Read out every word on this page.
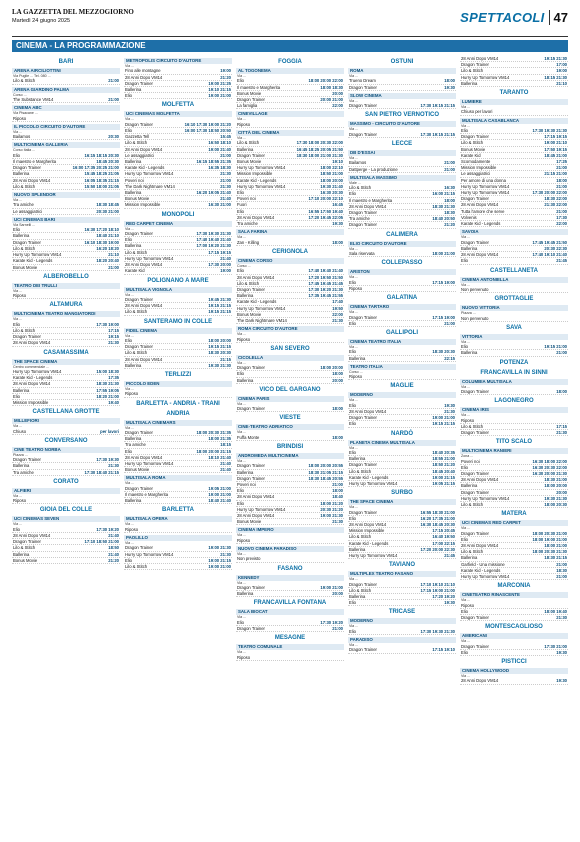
LA GAZZETTA DEL MEZZOGIORNO
Martedì 24 giugno 2025	SPETTACOLI 47
CINEMA - LA PROGRAMMAZIONE
BARI
ARENA AIRCILIOTTINI
Via Puglie ... Tel. 080 ...
Lilo & Stitch	21:00
ARENA GIARDINO PALMA
Corso ...
The Substance VM14	21:00
CINEMA ABC
Via Pisacane ...
Riposo
IL PICCOLO CIRCUITO D'AUTORE
Via ...
Bailamos	20:30
MULTICINEMA GALLERIA
Corso Italia ...
Elio	16:15 18:15 20:30
Il maestro e Margherita	18:45 20:30
Dragon Trainer	16:00 17:35 20:25 21:00
Ballerina	15:45 18:25 21:05
28 Anni Dopo VM14	16:05 18:35 21:15
Lilo & Stitch	15:50 18:00 21:05
NUOVO SPLENDOR
Via ...
Tra amiche	18:30 18:45
Le assaggiatrici	20:30 21:00
UCI CINEMAS BARI
Via Sarnelli ...
Elio	16:30 17:20 18:10
Ballerina	18:40 21:10
Dragon Trainer	16:10 18:30 19:00
Lilo & Stitch	16:20 18:20
Hurry Up Tomorrow VM14	21:10
Karate Kid - Legends	18:20 20:40
Bonus Movie	21:00
ALBEROBELLO
TEATRO DEI TRULLI
Via ...
Riposo
ALTAMURA
MULTICINEMA TEATRO MANGIATORDI
Via ...
Elio	17:30 19:00
Lilo & Stitch	17:15
Dragon Trainer	19:15
28 Anni Dopo VM14	21:30
CASAMASSIMA
THE SPACE CINEMA
Centro commerciale ...
Hurry Up Tomorrow VM14	15:00 18:30
Karate Kid - Legends	17:35
28 Anni Dopo VM14	18:30 21:30
Ballerina	17:55 19:05
Elio	18:20 21:00
Mission Impossible	19:40
CASTELLANA GROTTE
MILLEFIORI
Via ...
Chiuso	per lavori
CONVERSANO
CINE TEATRO NORBA
Piazza ...
Dragon Trainer	17:30 19:30
Ballerina	21:30
Tra amiche	17:30 18:40 21:15
CORATO
ALFIERI
Via ...
Riposo
GIOIA DEL COLLE
UCI CINEMAS SEVEN
Via ...
Elio	17:30 19:20
28 Anni Dopo VM14	21:40
Dragon Trainer	17:10 18:50 21:00
Lilo & Stitch	18:50
Ballerina	21:40
Bonus Movie	21:20
METROPOLIS CIRCUITO D'AUTORE
Via ...
Fino alle montagne	19:00
28 Anni Dopo VM14	21:20
Dragon Trainer	19:00 21:25
Ballerina	19:10 21:15
Elio	19:00 21:00
MOLFETTA
UCI CINEMAS MOLFETTA
Via ...
Dragon Trainer	16:10 17:30 19:00 21:20
Elio	16:00 17:30 18:50 20:50
Gazzetta Tell	15:45
Lilo & Stitch	16:50 18:10
28 Anni Dopo VM14	19:00 21:40
Le assaggiatrici	21:00
Ballerina	16:15 18:55 21:35
Karate Kid - Legends	16:35 18:30
Hurry Up Tomorrow VM14	21:30
Poveri noi	21:00
The Dark Nightmare VM14	21:30
Ballerina	16:20 19:05 21:40
Bonus Movie	21:40
Mission Impossible	16:30 21:00
MONOPOLI
RED CARPET CINEMA
Via ...
Dragon Trainer	17:30 19:30 21:30
Elio	17:40 19:40 21:40
Ballerina	17:00 19:20 21:30
Lilo & Stitch	17:15 19:15
Hurry Up Tomorrow VM14	21:40
28 Anni Dopo VM14	17:30 20:00
Karate Kid	19:00
POLIGNANO A MARE
MULTISALA VIGNOLA
Via ...
Dragon Trainer	19:45 21:30
28 Anni Dopo VM14	19:15 21:15
Lilo & Stitch	19:15 21:15
SANTERAMO IN COLLE
FIDEL CINEMA
Via ...
Elio	18:00 20:00
Dragon Trainer	19:15 21:15
Lilo & Stitch	18:30 20:30
28 Anni Dopo VM14	21:15
Ballerina	19:30 21:30
TERLIZZI
PICCOLO EDEN
Via ...
Riposo
BARLETTA - ANDRIA - TRANI
ANDRIA
MULTISALA CINEMARS
Via ...
Dragon Trainer	18:00 20:30 21:35
Ballerina	18:00 21:35
Tra amiche	18:15
Elio	18:00 20:00 21:15
28 Anni Dopo VM14	18:10 21:40
Hurry Up Tomorrow VM14	21:40
Bonus Movie	21:40
MULTISALA ROMA
Via ...
Dragon Trainer	19:05 21:00
Il maestro e Margherita	19:00 21:00
Ballerina	18:40 21:40
BARLETTA
MULTISALA OPERA
Via ...
Riposo
PAOLILLO
Via ...
Dragon Trainer	19:00 21:30
Hurry Up Tomorrow VM14	21:30
Elio	19:00 21:15
Lilo & Stitch	19:00 21:00
FOGGIA
AL TOGONEMA
Via ...
Elio	18:00 20:00 22:00
Il maestro e Margherita	18:00 18:30
Bonus Movie	20:00
Dragon Trainer	20:00 21:00
La famiglia	22:00
CINEVILLAGE
Via ...
Riposo
CITTÀ DEL CINEMA
Via ...
Lilo & Stitch	17:30 18:00 20:30 22:00
Ballerina	16:45 18:25 20:05 21:50
Dragon Trainer	18:30 18:00 21:00 21:30
Bonus Movie	19:10
Hurry Up Tomorrow VM14	18:00 22:10
Mission Impossible	18:50 21:00
Karate Kid - Legends	18:00 20:00
Hurry Up Tomorrow VM14	19:30 21:40
Elio	16:30 20:30
Poveri noi	17:10 20:00 22:10
Fuori	16:45
Elio	16:55 17:50 19:40
28 Anni Dopo VM14	17:20 19:45 22:05
Tra amiche	19:30
SALA FARINA
Via ...
Zan - Killing	18:00
CERIGNOLA
CINEMA CORSO
Corso ...
Elio	17:40 19:40 21:40
28 Anni Dopo VM14	17:20 19:50 21:50
Lilo & Stitch	17:45 19:45 21:45
Dragon Trainer	17:30 19:20 21:30
Ballerina	17:35 19:45 21:55
Karate Kid - Legends	17:40
Hurry Up Tomorrow VM14	19:50
Bonus Movie	22:00
The Dark Nightmare VM14	21:30
ROMA CIRCUITO D'AUTORE
Via ...
Riposo
SAN SEVERO
CICOLELLA
Via ...
Dragon Trainer	18:00 20:00
Elio	18:00
Ballerina	20:00
VICO DEL GARGANO
CINEMA PARIS
Via ...
Dragon Trainer	18:00
VIESTE
CINE-TEATRO ADRIATICO
Via ...
Fuffa Monte	18:00
BRINDISI
ANDROMEDA MULTICINEMA
Via ...
Dragon Trainer	18:00 20:00 20:55
Ballerina	18:30 21:05 21:15
Dragon Trainer	18:30 18:45 20:55
Poveri noi	21:00
Elio	18:00
28 Anni Dopo VM14	18:40
Elio	18:00 21:20
Hurry Up Tomorrow VM14	20:30 21:20
28 Anni Dopo VM14	19:00 21:30
Bonus Movie	21:30
CINEMA IMPERO
Via ...
Riposo
NUOVO CINEMA PARADISO
Via ...
Non previsto
FASANO
KENNEDY
Via ...
Dragon Trainer	19:00 21:00
Ballerina	20:00
FRANCAVILLA FONTANA
SALA BIOCAT
Via ...
Elio	17:30 19:20
Dragon Trainer	21:00
MESAGNE
TEATRO COMUNALE
Via ...
Riposo
OSTUNI
ROMA
Via ...
Trueno Dream	18:00
Dragon Trainer	19:30
SLOW CINEMA
Via ...
Dragon Trainer	17:30 19:15 21:15
SAN PIETRO VERNOTICO
MASSIMO - CIRCUITO D'AUTORE
Via ...
Dragon Trainer	17:30 19:15 21:15
LECCE
DB D'ESSAI
Via ...
Bailamos	21:00
Dattperge - La produzione	21:00
MULTISALA MASSIMO
Viale ...
Lilo & Stitch	16:30
Elio	16:00 21:15
Il maestro e Margherita	18:00
28 Anni Dopo VM14	18:30 21:30
Dragon Trainer	18:30
Tra amiche	18:40 20:50
Dragon Trainer	21:20
CALIMERA
ELIO CIRCUITO D'AUTORE
Via ...
Sala riservata	18:00 21:00
COLLEPASSO
ARISTON
Via ...
Elio	17:15 19:00
Riposo
GALATINA
CINEMA TARTARO
Via ...
Dragon Trainer	17:15 19:00
Elio	21:00
GALLIPOLI
CINEMA TEATRO ITALIA
Via ...
Elio	18:30 20:30
Ballerina	22:15
TEATRO ITALIA
Corso ...
Riposo
MAGLIE
MODERNO
Via ...
Elio	19:30
28 Anni Dopo VM14	21:30
Dragon Trainer	19:00 21:00
Elio	19:15 21:15
NARDÒ
PLANETA CINEMA MULTISALA
Via ...
Elio	18:40 20:35
Ballerina	18:55 21:00
Dragon Trainer	18:50 21:20
Lilo & Stitch	18:45 20:40
Karate Kid - Legends	19:00 21:15
Hurry Up Tomorrow VM14	19:05 21:15
SURBO
THE SPACE CINEMA
Via ...
Dragon Trainer	16:55 18:30 21:00
Elio	16:20 17:35 21:00
28 Anni Dopo VM14	16:30 18:45 20:30
Mission Impossible	17:15 20:45
Lilo & Stitch	16:40 19:50
Karate Kid - Legends	17:00 22:15
Ballerina	17:20 20:00 22:30
Hurry Up Tomorrow VM14	21:45
TAVIANO
MULTIPLEX TEATRO FASANO
Via ...
Dragon Trainer	17:10 19:10 21:10
Lilo & Stitch	17:15 19:00 21:00
Ballerina	17:20 19:20
Elio	19:30
TRICASE
MODERNO
Via ...
Elio	17:30 19:30 21:30
PARADISO
Via ...
Dragon Trainer	17:15 19:10
28 Anni Dopo VM14	19:15 21:30
Dragon Trainer	17:00
Lilo & Stitch	19:00
Hurry Up Tomorrow VM14	18:15 21:30
Ballerina	21:10
TARANTO
LUMIERE
Via ...
Chiuso per lavori
MULTISALA CASABLANCA
Via ...
Elio	17:30 19:30 21:30
Dragon Trainer	17:15 19:15
Lilo & Stitch	19:00 21:10
Bonus Movie	17:50 19:15
Karate Kid	18:45 21:00
Scomodamente	17:25
Mission Impossible	21:00
Le assaggiatrici	21:15 21:00
Per amore di una donna	18:00
Hurry Up Tomorrow VM14	21:00
Hurry Up Tomorrow VM14	17:30 20:00 22:00
Dragon Trainer	18:30 22:00
28 Anni Dopo VM14	21:30 22:00
Tutta l'amore che serve	21:00
Volvenis	17:30
Karate Kid - Legends	22:00
SAVOIA
Via ...
Dragon Trainer	17:45 19:45 21:50
Ballerina	20:30 22:30
28 Anni Dopo VM14	17:40 19:10 21:40
Elio	21:45
CASTELLANETA
CINEMA ANTONIELLA
Via ...
Non pervenuto
GROTTAGLIE
NUOVO VITTORIA
Piazza ...
Non pervenuto
SAVA
VITTORIA
Via ...
Elio	19:15 21:00
Ballerina	21:00
POTENZA
FRANCAVILLA IN SINNI
COLUMBIA MULTISALA
Via ...
Dragon Trainer	18:00
LAGONEGRO
CINEMA IRIS
Via ...
Riposo
Lilo & Stitch	17:15
Dragon Trainer	21:30
TITO SCALO
MULTICINEMA RANIERI
Zona ...
Poveri noi	16:30 18:00 22:00
Elio	16:30 20:30 22:00
Dragon Trainer	16:30 20:00 21:30
28 Anni Dopo VM14	18:30 21:00
Ballerina	18:00 20:00
Dragon Trainer	20:00
Hurry Up Tomorrow VM14	19:30 21:30
Lilo & Stitch	18:00 20:30
MATERA
UCI CINEMAS RED CARPET
Via ...
Dragon Trainer	18:00 20:30 21:00
Elio	18:00 19:00 21:00
28 Anni Dopo VM14	18:00 21:00
Lilo & Stitch	18:00 20:30 21:30
Ballerina	18:30 21:15
Garfield - Una missione	21:00
Karate Kid - Legends	18:30
Hurry Up Tomorrow VM14	21:00
MARCONIA
CINETEATRO RINASCENTE
Via ...
Riposo
Elio	18:00 19:40
Dragon Trainer	21:30
MONTESCAGLIOSO
AMERICANI
Via ...
Dragon Trainer	17:30 21:00
Elio	19:30
PISTICCI
CINEMA HOLLYWOOD
Via ...
28 Anni Dopo VM14	19:30
